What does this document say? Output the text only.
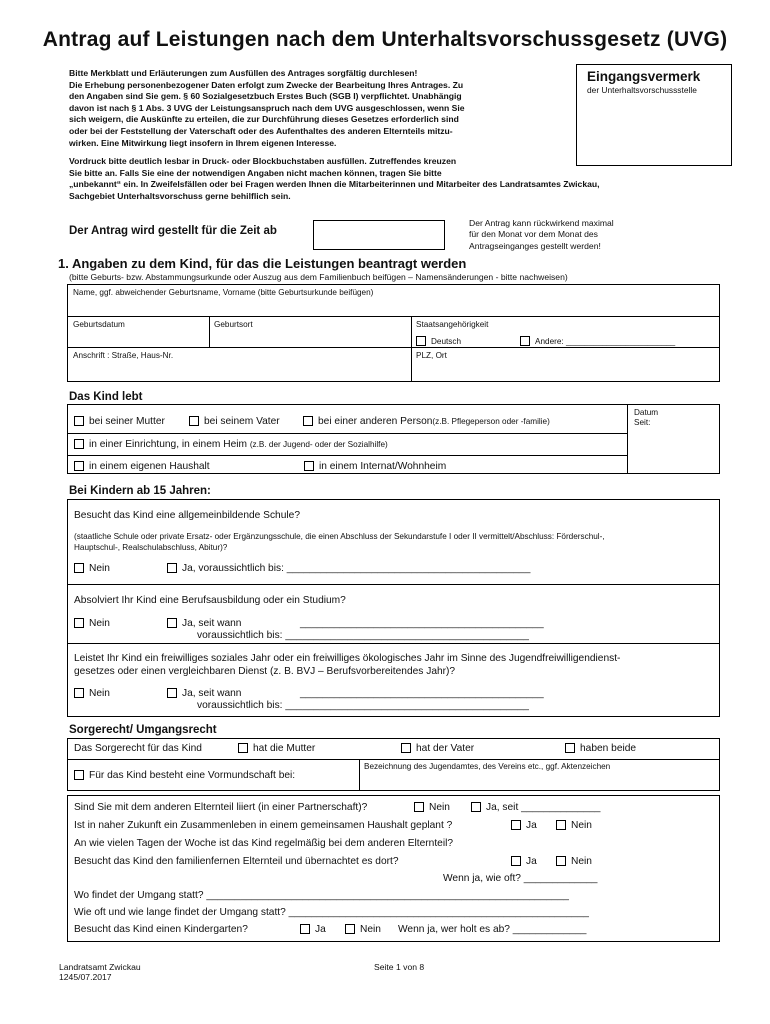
Antrag auf Leistungen nach dem Unterhaltsvorschussgesetz (UVG)
Bitte Merkblatt und Erläuterungen zum Ausfüllen des Antrages sorgfältig durchlesen!
Die Erhebung personenbezogener Daten erfolgt zum Zwecke der Bearbeitung Ihres Antrages. Zu
den Angaben sind Sie gem. § 60 Sozialgesetzbuch Erstes Buch (SGB I) verpflichtet. Unabhängig
davon ist nach § 1 Abs. 3 UVG der Leistungsanspruch nach dem UVG ausgeschlossen, wenn Sie
sich weigern, die Auskünfte zu erteilen, die zur Durchführung dieses Gesetzes erforderlich sind
oder bei der Feststellung der Vaterschaft oder des Aufenthaltes des anderen Elternteils mitzu-
wirken. Eine Mitwirkung liegt insofern in Ihrem eigenen Interesse.
Vordruck bitte deutlich lesbar in Druck- oder Blockbuchstaben ausfüllen. Zutreffendes kreuzen
Sie bitte an. Falls Sie eine der notwendigen Angaben nicht machen können, tragen Sie bitte
„unbekannt“ ein. In Zweifelsfällen oder bei Fragen werden Ihnen die Mitarbeiterinnen und Mitarbeiter des Landratsamtes Zwickau,
Sachgebiet Unterhaltsvorschuss gerne behilflich sein.
Eingangsvermerk
der Unterhaltsvorschussstelle
Der Antrag wird gestellt für die Zeit ab
Der Antrag kann rückwirkend maximal
für den Monat vor dem Monat des
Antragseinganges gestellt werden!
1. Angaben zu dem Kind, für das die Leistungen beantragt werden
(bitte Geburts- bzw. Abstammungsurkunde oder Auszug aus dem Familienbuch beifügen – Namensänderungen - bitte nachweisen)
Name, ggf. abweichender Geburtsname, Vorname (bitte Geburtsurkunde beifügen)
Geburtsdatum	Geburtsort	Staatsangehörigkeit
Deutsch	Andere: ________________________
Anschrift : Straße, Haus-Nr.	PLZ, Ort
Das Kind lebt
Datum
Seit:
bei seiner Mutter	bei seinem Vater	bei einer anderen Person(z.B. Pflegeperson oder -familie)
in einer Einrichtung, in einem Heim (z.B. der Jugend- oder der Sozialhilfe)
in einem eigenen Haushalt	in einem Internat/Wohnheim
Bei Kindern ab 15 Jahren:
Besucht das Kind eine allgemeinbildende Schule?
(staatliche Schule oder private Ersatz- oder Ergänzungsschule, die einen Abschluss der Sekundarstufe I oder II vermittelt/Abschluss: Förderschul-,
Hauptschul-, Realschulabschluss, Abitur)?
Nein	Ja, voraussichtlich bis: ___________________________________________
Absolviert Ihr Kind eine Berufsausbildung oder ein Studium?
Nein	Ja, seit wann	___________________________________________
voraussichtlich bis: ___________________________________________
Leistet Ihr Kind ein freiwilliges soziales Jahr oder ein freiwilliges ökologisches Jahr im Sinne des Jugendfreiwilligendienst-
gesetzes oder einen vergleichbaren Dienst (z. B. BVJ – Berufsvorbereitendes Jahr)?
Nein	Ja, seit wann	___________________________________________
voraussichtlich bis: ___________________________________________
Sorgerecht/ Umgangsrecht
Das Sorgerecht für das Kind	hat die Mutter	hat der Vater	haben beide
Für das Kind besteht eine Vormundschaft bei:
Bezeichnung des Jugendamtes, des Vereins etc., ggf. Aktenzeichen
Sind Sie mit dem anderen Elternteil liiert (in einer Partnerschaft)?	Nein	Ja, seit ______________
Ist in naher Zukunft ein Zusammenleben in einem gemeinsamen Haushalt geplant ?	Ja	Nein
An wie vielen Tagen der Woche ist das Kind regelmäßig bei dem anderen Elternteil?
Besucht das Kind den familienfernen Elternteil und übernachtet es dort?	Ja	Nein
Wenn ja, wie oft? _____________
Wo findet der Umgang statt? ________________________________________________________________
Wie oft und wie lange findet der Umgang statt? _____________________________________________________
Besucht das Kind einen Kindergarten?	Ja	Nein Wenn ja, wer holt es ab? _____________
Landratsamt Zwickau
1245/07.2017
Seite 1 von 8
